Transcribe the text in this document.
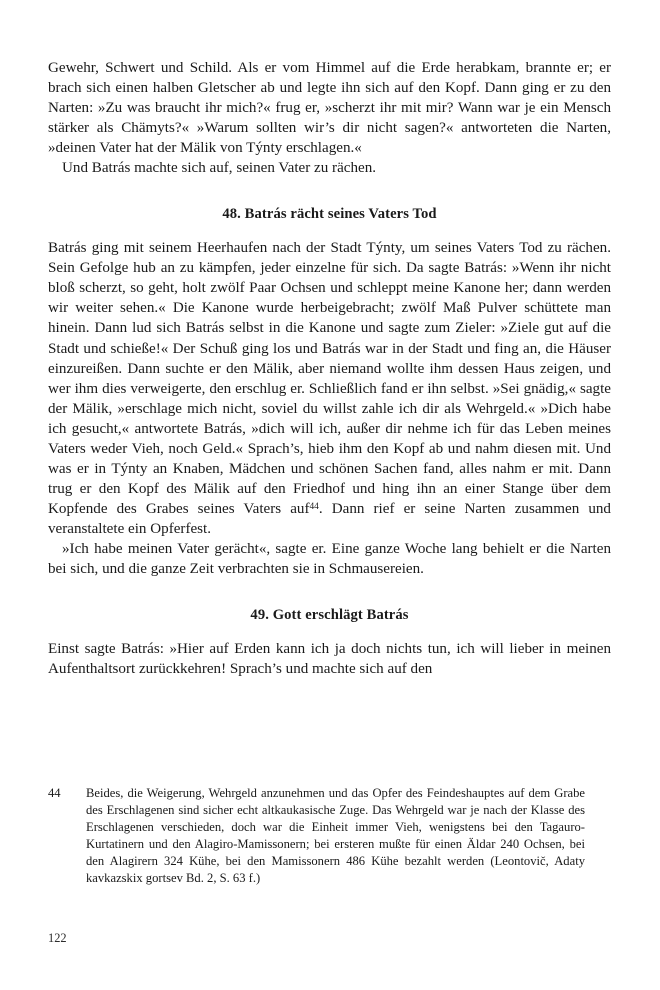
Gewehr, Schwert und Schild. Als er vom Himmel auf die Erde herabkam, brannte er; er brach sich einen halben Gletscher ab und legte ihn sich auf den Kopf. Dann ging er zu den Narten: »Zu was braucht ihr mich?« frug er, »scherzt ihr mit mir? Wann war je ein Mensch stärker als Chämyts?« »Warum sollten wir’s dir nicht sagen?« antworteten die Narten, »deinen Vater hat der Mälik von Týnty erschlagen.«

Und Batrás machte sich auf, seinen Vater zu rächen.

48. Batrás rächt seines Vaters Tod

Batrás ging mit seinem Heerhaufen nach der Stadt Týnty, um seines Vaters Tod zu rächen. Sein Gefolge hub an zu kämpfen, jeder einzelne für sich. Da sagte Batrás: »Wenn ihr nicht bloß scherzt, so geht, holt zwölf Paar Ochsen und schleppt meine Kanone her; dann werden wir weiter sehen.« Die Kanone wurde herbeigebracht; zwölf Maß Pulver schüttete man hinein. Dann lud sich Batrás selbst in die Kanone und sagte zum Zieler: »Ziele gut auf die Stadt und schieße!« Der Schuß ging los und Batrás war in der Stadt und fing an, die Häuser einzureißen. Dann suchte er den Mälik, aber niemand wollte ihm dessen Haus zeigen, und wer ihm dies verweigerte, den erschlug er. Schließlich fand er ihn selbst. »Sei gnädig,« sagte der Mälik, »erschlage mich nicht, soviel du willst zahle ich dir als Wehrgeld.« »Dich habe ich gesucht,« antwortete Batrás, »dich will ich, außer dir nehme ich für das Leben meines Vaters weder Vieh, noch Geld.« Sprach’s, hieb ihm den Kopf ab und nahm diesen mit. Und was er in Týnty an Knaben, Mädchen und schönen Sachen fand, alles nahm er mit. Dann trug er den Kopf des Mälik auf den Friedhof und hing ihn an einer Stange über dem Kopfende des Grabes seines Vaters auf$^{44}$. Dann rief er seine Narten zusammen und veranstaltete ein Opferfest.

»Ich habe meinen Vater gerächt«, sagte er. Eine ganze Woche lang behielt er die Narten bei sich, und die ganze Zeit verbrachten sie in Schmausereien.

49. Gott erschlägt Batrás

Einst sagte Batrás: »Hier auf Erden kann ich ja doch nichts tun, ich will lieber in meinen Aufenthaltsort zurückkehren! Sprach’s und machte sich auf den

44	Beides, die Weigerung, Wehrgeld anzunehmen und das Opfer des Feindeshauptes auf dem Grabe des Erschlagenen sind sicher echt altkaukasische Zuge. Das Wehrgeld war je nach der Klasse des Erschlagenen verschieden, doch war die Einheit immer Vieh, wenigstens bei den Tagauro-Kurtatinern und den Alagiro-Mamissonern; bei ersteren mußte für einen Äldar 240 Ochsen, bei den Alagirern 324 Kühe, bei den Mamissonern 486 Kühe bezahlt werden (Leontovič, Adaty kavkazskix gortsev Bd. 2, S. 63 f.)
122
